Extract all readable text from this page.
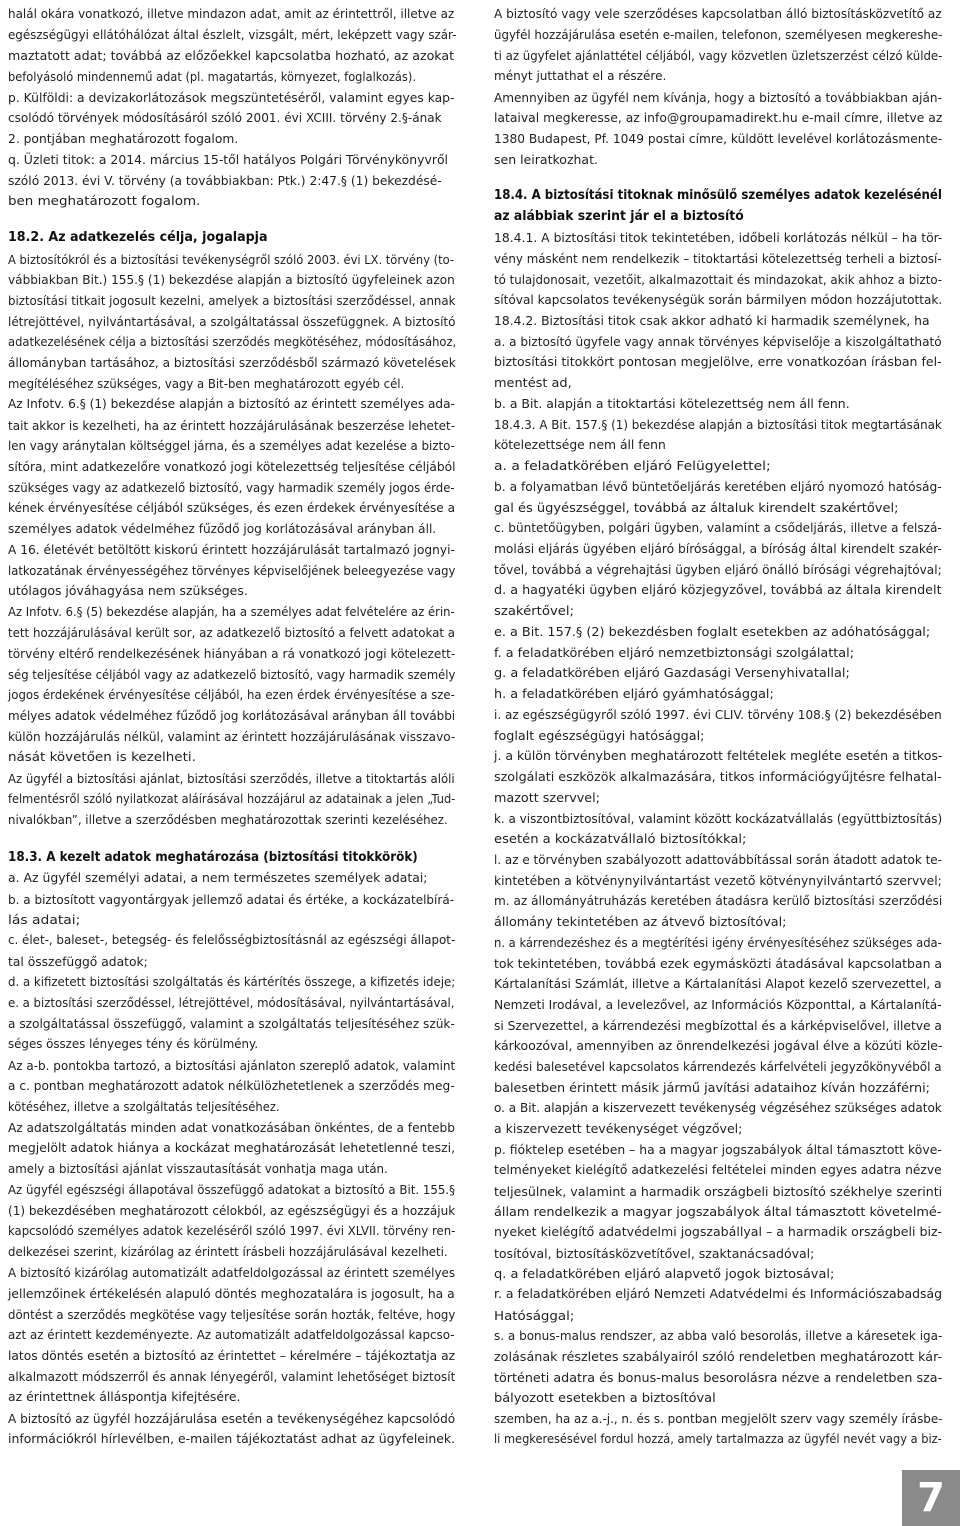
halál okára vonatkozó, illetve mindazon adat, amit az érintettről, illetve az
egészségügyi ellátóhálózat által észlelt, vizsgált, mért, leképzett vagy szár-
maztatott adat; továbbá az előzőekkel kapcsolatba hozható, az azokat
befolyásoló mindennemű adat (pl. magatartás, környezet, foglalkozás).
p. Külföldi: a devizakorlátozások megszüntetéséről, valamint egyes kap-
csolódó törvények módosításáról szóló 2001. évi XCIII. törvény 2.§-ának
2. pontjában meghatározott fogalom.
q. Üzleti titok: a 2014. március 15-től hatályos Polgári Törvénykönyvről
szóló 2013. évi V. törvény (a továbbiakban: Ptk.) 2:47.§ (1) bekezdésé-
ben meghatározott fogalom.
18.2. Az adatkezelés célja, jogalapja
A biztosítókról és a biztosítási tevékenységről szóló 2003. évi LX. törvény (to-
vábbiakban Bit.) 155.§ (1) bekezdése alapján a biztosító ügyfeleinek azon
biztosítási titkait jogosult kezelni, amelyek a biztosítási szerződéssel, annak
létrejöttével, nyilvántartásával, a szolgáltatással összefüggnek. A biztosító
adatkezelésének célja a biztosítási szerződés megkötéséhez, módosításához,
állományban tartásához, a biztosítási szerződésből származó követelések
megítéléséhez szükséges, vagy a Bit-ben meghatározott egyéb cél.
Az Infotv. 6.§ (1) bekezdése alapján a biztosító az érintett személyes ada-
tait akkor is kezelheti, ha az érintett hozzájárulásának beszerzése lehetet-
len vagy aránytalan költséggel járna, és a személyes adat kezelése a bizto-
sítóra, mint adatkezelőre vonatkozó jogi kötelezettség teljesítése céljából
szükséges vagy az adatkezelő biztosító, vagy harmadik személy jogos érde-
kének érvényesítése céljából szükséges, és ezen érdekek érvényesítése a
személyes adatok védelméhez fűződő jog korlátozásával arányban áll.
A 16. életévét betöltött kiskorú érintett hozzájárulását tartalmazó jognyi-
latkozatának érvényességéhez törvényes képviselőjének beleegyezése vagy
utólagos jóváhagyása nem szükséges.
Az Infotv. 6.§ (5) bekezdése alapján, ha a személyes adat felvételére az érin-
tett hozzájárulásával került sor, az adatkezelő biztosító a felvett adatokat a
törvény eltérő rendelkezésének hiányában a rá vonatkozó jogi kötelezett-
ség teljesítése céljából vagy az adatkezelő biztosító, vagy harmadik személy
jogos érdekének érvényesítése céljából, ha ezen érdek érvényesítése a sze-
mélyes adatok védelméhez fűződő jog korlátozásával arányban áll további
külön hozzájárulás nélkül, valamint az érintett hozzájárulásának visszavo-
nását követően is kezelheti.
Az ügyfél a biztosítási ajánlat, biztosítási szerződés, illetve a titoktartás alóli
felmentésről szóló nyilatkozat aláírásával hozzájárul az adatainak a jelen „Tud-
nivalókban”, illetve a szerződésben meghatározottak szerinti kezeléséhez.
18.3. A kezelt adatok meghatározása (biztosítási titokkörök)
a. Az ügyfél személyi adatai, a nem természetes személyek adatai;
b. a biztosított vagyontárgyak jellemző adatai és értéke, a kockázatelbírá-
lás adatai;
c. élet-, baleset-, betegség- és felelősségbiztosításnál az egészségi állapot-
tal összefüggő adatok;
d. a kifizetett biztosítási szolgáltatás és kártérítés összege, a kifizetés ideje;
e. a biztosítási szerződéssel, létrejöttével, módosításával, nyilvántartásával,
a szolgáltatással összefüggő, valamint a szolgáltatás teljesítéséhez szük-
séges összes lényeges tény és körülmény.
Az a-b. pontokba tartozó, a biztosítási ajánlaton szereplő adatok, valamint
a c. pontban meghatározott adatok nélkülözhetetlenek a szerződés meg-
kötéséhez, illetve a szolgáltatás teljesítéséhez.
Az adatszolgáltatás minden adat vonatkozásában önkéntes, de a fentebb
megjelölt adatok hiánya a kockázat meghatározását lehetetlenné teszi,
amely a biztosítási ajánlat visszautasítását vonhatja maga után.
Az ügyfél egészségi állapotával összefüggő adatokat a biztosító a Bit. 155.§
(1) bekezdésében meghatározott célokból, az egészségügyi és a hozzájuk
kapcsolódó személyes adatok kezeléséről szóló 1997. évi XLVII. törvény ren-
delkezései szerint, kizárólag az érintett írásbeli hozzájárulásával kezelheti.
A biztosító kizárólag automatizált adatfeldolgozással az érintett személyes
jellemzőinek értékelésén alapuló döntés meghozatalára is jogosult, ha a
döntést a szerződés megkötése vagy teljesítése során hozták, feltéve, hogy
azt az érintett kezdeményezte. Az automatizált adatfeldolgozással kapcso-
latos döntés esetén a biztosító az érintettet – kérelmére – tájékoztatja az
alkalmazott módszerről és annak lényegéről, valamint lehetőséget biztosít
az érintettnek álláspontja kifejtésére.
A biztosító az ügyfél hozzájárulása esetén a tevékenységéhez kapcsolódó
információkról hírlevélben, e-mailen tájékoztatást adhat az ügyfeleinek.
A biztosító vagy vele szerződéses kapcsolatban álló biztosításközvetítő az
ügyfél hozzájárulása esetén e-mailen, telefonon, személyesen megkereshe-
ti az ügyfelet ajánlattétel céljából, vagy közvetlen üzletszerzést célzó külde-
ményt juttathat el a részére.
Amennyiben az ügyfél nem kívánja, hogy a biztosító a továbbiakban aján-
lataival megkeresse, az info@groupamadirekt.hu e-mail címre, illetve az
1380 Budapest, Pf. 1049 postai címre, küldött levelével korlátozásmente-
sen leiratkozhat.
18.4. A biztosítási titoknak minősülő személyes adatok kezelésénél
az alábbiak szerint jár el a biztosító
18.4.1. A biztosítási titok tekintetében, időbeli korlátozás nélkül – ha tör-
vény másként nem rendelkezik – titoktartási kötelezettség terheli a biztosí-
tó tulajdonosait, vezetőit, alkalmazottait és mindazokat, akik ahhoz a bizto-
sítóval kapcsolatos tevékenységük során bármilyen módon hozzájutottak.
18.4.2. Biztosítási titok csak akkor adható ki harmadik személynek, ha
a. a biztosító ügyfele vagy annak törvényes képviselője a kiszolgáltatható
biztosítási titokkört pontosan megjelölve, erre vonatkozóan írásban fel-
mentést ad,
b. a Bit. alapján a titoktartási kötelezettség nem áll fenn.
18.4.3. A Bit. 157.§ (1) bekezdése alapján a biztosítási titok megtartásának
kötelezettsége nem áll fenn
a. a feladatkörében eljáró Felügyelettel;
b. a folyamatban lévő büntetőeljárás keretében eljáró nyomozó hatóság-
gal és ügyészséggel, továbbá az általuk kirendelt szakértővel;
c. büntetőügyben, polgári ügyben, valamint a csődeljárás, illetve a felszá-
molási eljárás ügyében eljáró bírósággal, a bíróság által kirendelt szakér-
tővel, továbbá a végrehajtási ügyben eljáró önálló bírósági végrehajtóval;
d. a hagyatéki ügyben eljáró közjegyzővel, továbbá az általa kirendelt
szakértővel;
e. a Bit. 157.§ (2) bekezdésben foglalt esetekben az adóhatósággal;
f. a feladatkörében eljáró nemzetbiztonsági szolgálattal;
g. a feladatkörében eljáró Gazdasági Versenyhivatallal;
h. a feladatkörében eljáró gyámhatósággal;
i. az egészségügyről szóló 1997. évi CLIV. törvény 108.§ (2) bekezdésében
foglalt egészségügyi hatósággal;
j. a külön törvényben meghatározott feltételek megléte esetén a titkos-
szolgálati eszközök alkalmazására, titkos információgyűjtésre felhatal-
mazott szervvel;
k. a viszontbiztosítóval, valamint között kockázatvállalás (együttbiztosítás)
esetén a kockázatvállaló biztosítókkal;
l. az e törvényben szabályozott adattovábbítással során átadott adatok te-
kintetében a kötvénynyilvántartást vezető kötvénynyilvántartó szervvel;
m. az állományátruházás keretében átadásra kerülő biztosítási szerződési
állomány tekintetében az átvevő biztosítóval;
n. a kárrendezéshez és a megtérítési igény érvényesítéséhez szükséges ada-
tok tekintetében, továbbá ezek egymásközti átadásával kapcsolatban a
Kártalanítási Számlát, illetve a Kártalanítási Alapot kezelő szervezettel, a
Nemzeti Irodával, a levelezővel, az Információs Központtal, a Kártalanítá-
si Szervezettel, a kárrendezési megbízottal és a kárképviselővel, illetve a
kárkoozóval, amennyiben az önrendelkezési jogával élve a közúti közle-
kedési balesetével kapcsolatos kárrendezés kárfelvételi jegyzőkönyvéből a
balesetben érintett másik jármű javítási adataihoz kíván hozzáférni;
o. a Bit. alapján a kiszervezett tevékenység végzéséhez szükséges adatok
a kiszervezett tevékenységet végzővel;
p. fióktelep esetében – ha a magyar jogszabályok által támasztott köve-
telményeket kielégítő adatkezelési feltételei minden egyes adatra nézve
teljesülnek, valamint a harmadik országbeli biztosító székhelye szerinti
állam rendelkezik a magyar jogszabályok által támasztott követelmé-
nyeket kielégítő adatvédelmi jogszabállyal – a harmadik országbeli biz-
tosítóval, biztosításközvetítővel, szaktanácsadóval;
q. a feladatkörében eljáró alapvető jogok biztosával;
r. a feladatkörében eljáró Nemzeti Adatvédelmi és Információszabadság
Hatósággal;
s. a bonus-malus rendszer, az abba való besorolás, illetve a káresetek iga-
zolásának részletes szabályairól szóló rendeletben meghatározott kár-
történeti adatra és bonus-malus besorolásra nézve a rendeletben sza-
bályozott esetekben a biztosítóval
szemben, ha az a.-j., n. és s. pontban megjelölt szerv vagy személy írásbe-
li megkeresésével fordul hozzá, amely tartalmazza az ügyfél nevét vagy a biz-
7
